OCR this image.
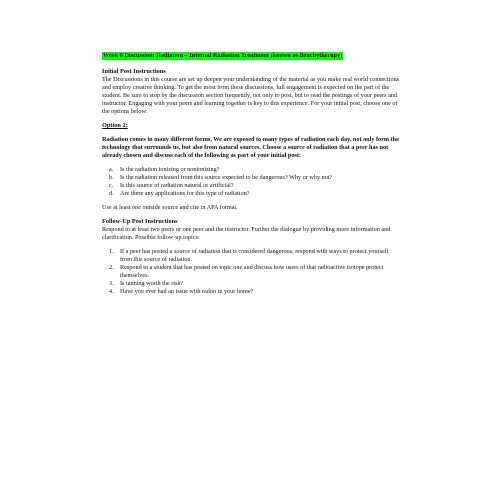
Week 6 Discussion: Radiation – Internal Radiation Treatment (known as Brachytherapy)
Initial Post Instructions

The Discussions in this course are set up deepen your understanding of the material as you make real world connections and employ creative thinking. To get the most from these discussions, full engagement is expected on the part of the student. Be sure to stop by the discussion section frequently, not only to post, but to read the postings of your peers and instructor. Engaging with your peers and learning together is key to this experience. For your initial post, choose one of the options below:

Option 2:

Radiation comes in many different forms. We are exposed to many types of radiation each day, not only form the technology that surrounds us, but also from natural sources. Choose a source of radiation that a peer has not already chosen and discuss each of the following as part of your initial post:

a. Is the radiation ionizing or nonionizing?
b. Is the radiation released from this source expected to be dangerous? Why or why not?
c. Is this source of radiation natural or artificial?
d. Are there any applications for this type of radiation?

Use at least one outside source and cite in APA format.

Follow-Up Post Instructions

Respond to at least two peers or one peer and the instructor. Further the dialogue by providing more information and clarification. Possible follow-up topics:

1. If a peer has posted a source of radiation that is considered dangerous, respond with ways to protect yourself from this source of radiation.
2. Respond to a student that has posted on topic one and discuss how users of that radioactive isotope protect themselves.
3. Is tanning worth the risk?
4. Have you ever had an issue with radon in your home?
